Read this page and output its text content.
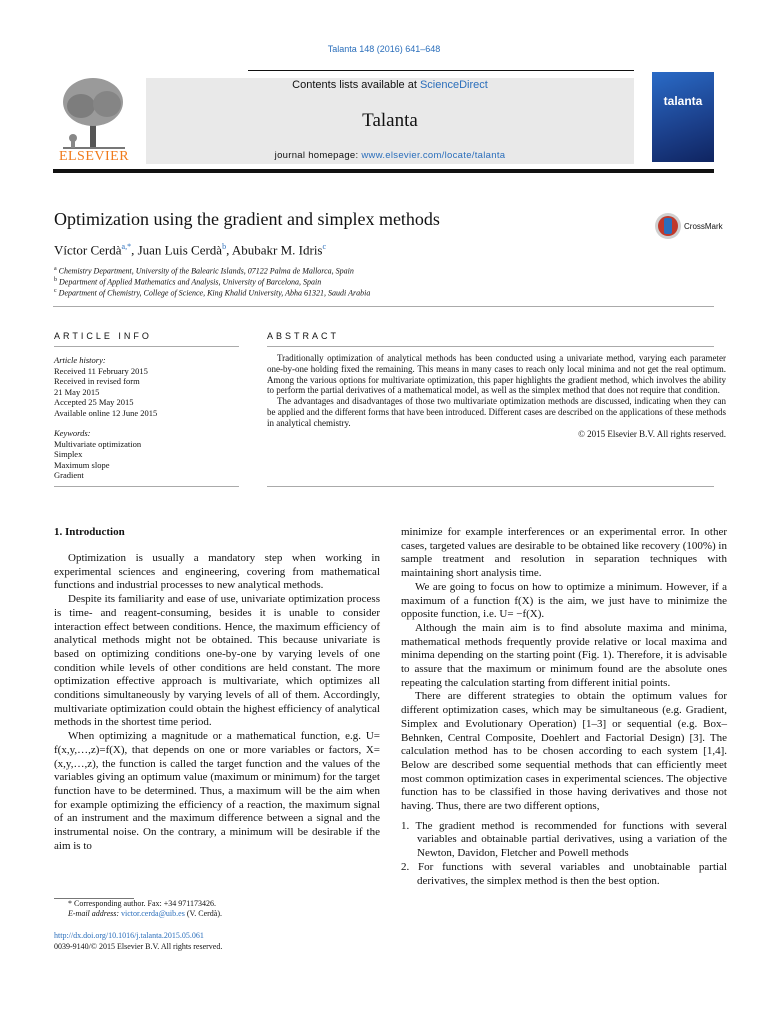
Talanta 148 (2016) 641–648
ELSEVIER
Contents lists available at ScienceDirect
Talanta
journal homepage: www.elsevier.com/locate/talanta
talanta
Optimization using the gradient and simplex methods	CrossMark
Víctor Cerdà$^{a,*}$, Juan Luis Cerdà$^b$, Abubakr M. Idris$^c$
$^a$ Chemistry Department, University of the Balearic Islands, 07122 Palma de Mallorca, Spain
$^b$ Department of Applied Mathematics and Analysis, University of Barcelona, Spain
$^c$ Department of Chemistry, College of Science, King Khalid University, Abha 61321, Saudi Arabia
ARTICLE INFO	ABSTRACT
Article history:
Received 11 February 2015
Received in revised form
21 May 2015
Accepted 25 May 2015
Available online 12 June 2015
Keywords:
Multivariate optimization
Simplex
Maximum slope
Gradient

Traditionally optimization of analytical methods has been conducted using a univariate method, varying each parameter one-by-one holding fixed the remaining. This means in many cases to reach only local minima and not get the real optimum. Among the various options for multivariate optimization, this paper highlights the gradient method, which involves the ability to perform the partial derivatives of a mathematical model, as well as the simplex method that does not require that condition.

The advantages and disadvantages of those two multivariate optimization methods are discussed, indicating when they can be applied and the different forms that have been introduced. Different cases are described on the applications of these methods in analytical chemistry.

© 2015 Elsevier B.V. All rights reserved.
1. Introduction

Optimization is usually a mandatory step when working in experimental sciences and engineering, covering from mathematical functions and industrial processes to new analytical methods.

Despite its familiarity and ease of use, univariate optimization process is time- and reagent-consuming, besides it is unable to consider interaction effect between conditions. Hence, the maximum efficiency of analytical methods might not be obtained. This because univariate is based on optimizing conditions one-by-one by varying levels of one condition while levels of other conditions are held constant. The more optimization effective approach is multivariate, which optimizes all conditions simultaneously by varying levels of all of them. Accordingly, multivariate optimization could obtain the highest efficiency of analytical methods in the shortest time period.

When optimizing a magnitude or a mathematical function, e.g. U= f(x,y,…,z)=f(X), that depends on one or more variables or factors, X=(x,y,…,z), the function is called the target function and the values of the variables giving an optimum value (maximum or minimum) for the target function have to be determined. Thus, a maximum will be the aim when for example optimizing the efficiency of a reaction, the maximum signal of an instrument and the maximum difference between a signal and the instrumental noise. On the contrary, a minimum will be desirable if the aim is to

minimize for example interferences or an experimental error. In other cases, targeted values are desirable to be obtained like recovery (100%) in sample treatment and resolution in separation techniques with maintaining short analysis time.

We are going to focus on how to optimize a minimum. However, if a maximum of a function f(X) is the aim, we just have to minimize the opposite function, i.e. U= −f(X).

Although the main aim is to find absolute maxima and minima, mathematical methods frequently provide relative or local maxima and minima depending on the starting point (Fig. 1). Therefore, it is advisable to assure that the maximum or minimum found are the absolute ones repeating the calculation starting from different initial points.

There are different strategies to obtain the optimum values for different optimization cases, which may be simultaneous (e.g. Gradient, Simplex and Evolutionary Operation) [1–3] or sequential (e.g. Box–Behnken, Central Composite, Doehlert and Factorial Design) [3]. The calculation method has to be chosen according to each system [1,4]. Below are described some sequential methods that can efficiently meet most common optimization cases in experimental sciences. The objective function has to be classified in those having derivatives and those not having. Thus, there are two different options,

1. The gradient method is recommended for functions with several variables and obtainable partial derivatives, using a variation of the Newton, Davidon, Fletcher and Powell methods
2. For functions with several variables and unobtainable partial derivatives, the simplex method is then the best option.

* Corresponding author. Fax: +34 971173426.

E-mail address: victor.cerda@uib.es (V. Cerdà).

http://dx.doi.org/10.1016/j.talanta.2015.05.061
0039-9140/© 2015 Elsevier B.V. All rights reserved.
